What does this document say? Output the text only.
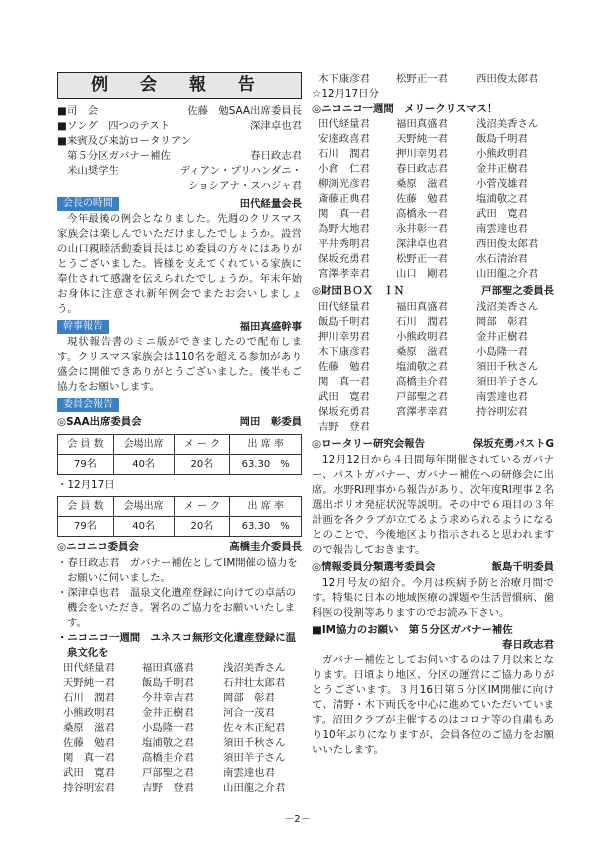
例 会 報 告
■司　会	佐藤　勉SAA出席委員長
■ソング　四つのテスト	深津卓也君
■来賓及び来訪ロータリアン
第５分区ガバナー補佐	春日政志君
米山奨学生	ディアン・プリハンダニ・
ショシアナ・スハジャ君
会長の時間	田代経量会長
今年最後の例会となりました。先週のクリスマス家族会は楽しんでいただけましたでしょうか。設営の山口親睦活動委員長はじめ委員の方々にはありがとうございました。皆様を支えてくれている家族に奉仕されて感謝を伝えられたでしょうか。年末年始お身体に注意され新年例会でまたお会いしましょう。
幹事報告	福田真盛幹事
現状報告書のミニ版ができましたので配布します。クリスマス家族会は110名を超える参加があり盛会に開催できありがとうございました。後半もご協力をお願いします。
委員会報告
◎SAA出席委員会	岡田　彰委員
会 員 数	会場出席	メ ー ク	出 席 率
79名	40名	20名	63.30　%
・12月17日
会 員 数	会場出席	メ ー ク	出 席 率
79名	40名	20名	63.30　%
◎ニコニコ委員会	高橋圭介委員長
・春日政志君　ガバナー補佐としてIM開催の協力をお願いに伺いました。
・深津卓也君　温泉文化遺産登録に向けての卓話の機会をいただき。署名のご協力をお願いいたします。
・ニコニコ一週間　ユネスコ無形文化遺産登録に温泉文化を
田代経量君	福田真盛君	浅沼美香さん
天野純一君	飯島千明君	石井壮太郎君
石川　潤君	今井幸吉君	岡部　彰君
小熊政明君	金井正樹君	河合一茂君
桑原　滋君	小島隆一君	佐々木正紀君
佐藤　勉君	塩浦敬之君	須田千秋さん
関　真一君	高橋圭介君	須田羊子さん
武田　寛君	戸部聖之君	南雲達也君
持谷明宏君	吉野　登君	山田龍之介君
木下康彦君	松野正一君	西田俊太郎君
☆12月17日分
◎ニコニコ一週間　メリークリスマス！
田代経量君	福田真盛君	浅沼美香さん
安達政喜君	天野純一君	飯島千明君
石川　潤君	押川幸男君	小熊政明君
小倉　仁君	春日政志君	金井正樹君
柳渕光彦君	桑原　滋君	小菅茂雄君
斎藤正典君	佐藤　勉君	塩浦敬之君
関　真一君	高橋永一君	武田　寛君
為野大地君	永井彰一君	南雲達也君
平井秀明君	深津卓也君	西田俊太郎君
保坂充勇君	松野正一君	水石清治君
宮澤孝幸君	山口　剛君	山田龍之介君
◎財団ＢＯＸ　ＩＮ	戸部聖之委員長
田代経量君	福田真盛君	浅沼美香さん
飯島千明君	石川　潤君	岡部　彰君
押川幸男君	小熊政明君	金井正樹君
木下康彦君	桑原　滋君	小島隆一君
佐藤　勉君	塩浦敬之君	須田千秋さん
関　真一君	高橋圭介君	須田羊子さん
武田　寛君	戸部聖之君	南雲達也君
保坂充勇君	宮澤孝幸君	持谷明宏君
吉野　登君
◎ロータリー研究会報告	保坂充勇パストG
12月12日から４日間毎年開催されているガバナー、パストガバナー、ガバナー補佐への研修会に出席。水野RI理事から報告があり、次年度RI理事２名選出ポリオ発症状況等説明。その中で６項目の３年計画を各クラブが立てるよう求められるようになるとのことで、今後地区より指示されると思われますので報告しておきます。
◎情報委員分類選考委員会	飯島千明委員
12月号友の紹介。今月は疾病予防と治療月間です。特集に日本の地域医療の課題や生活習慣病、歯科医の役割等ありますのでお読み下さい。
■IM協力のお願い　第５分区ガバナー補佐
春日政志君
ガバナー補佐としてお伺いするのは７月以来となります。日頃より地区、分区の運営にご協力ありがとうございます。３月16日第５分区IM開催に向けて、清野・木下両氏を中心に進めていただいています。沼田クラブが主催するのはコロナ等の自粛もあり10年ぶりになりますが、会員各位のご協力をお願いいたします。
－2－
